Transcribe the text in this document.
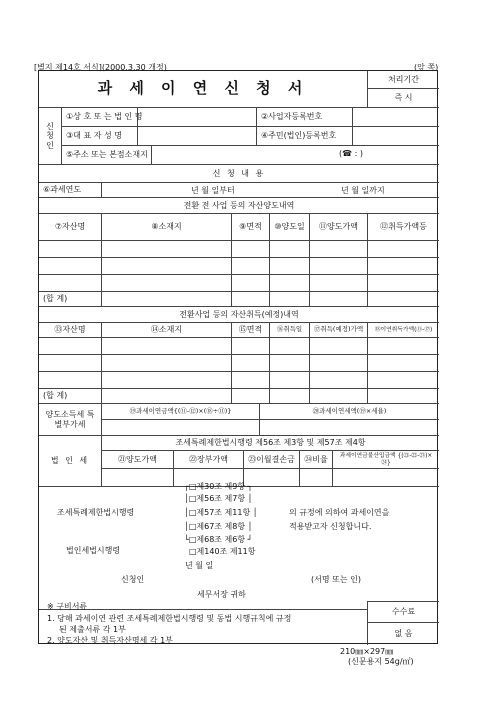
[별지 제14호 서식](2000.3.30 개정)	(앞 쪽)
과 세 이 연 신 청 서	처리기간
즉 시
신청인
①상 호 또 는 법 인 명	②사업자등록번호
③대 표 자 성 명	④주민(법인)등록번호
⑤주소 또는 본점소재지	(☎ : )
신 청 내 용
⑥과세연도	년 월 일부터	년 월 일까지
전환 전 사업 등의 자산양도내역
⑦자산명	⑧소재지	⑨면적	⑩양도일	⑪양도가액	⑫취득가액등
(합 계)
전환사업 등의 자산취득(예정)내역
⑬자산명	⑭소재지	⑮면적	⑯취득일	⑰취득(예정)가액	⑱이연취득가액(⑪-⑰)
(합 계)
양도소득세 특별부가세
⑲과세이연금액{(⑪-⑫)×(⑱÷⑪)}	⑳과세이연세액(⑲×세율)
법 인 세
조세특례제한법시행령 제56조 제3항 및 제57조 제4항
㉑양도가액	㉒장부가액	㉓이월결손금	㉔비율	과세이연금불산입금액 {(㉑-㉒-㉓)×㉔}
조세특례제한법시행령
법인세법시행령
┌□제30조 제9항 ┐
│□제56조 제7항 │
│□제57조 제11항 │
│□제67조 제8항 │
└□제68조 제6항 ┘
□제140조 제11항
의 규정에 의하여 과세이연을
적용받고자 신청합니다.
년 월 일
신청인	(서명 또는 인)
세무서장 귀하
※ 구비서류
1. 당해 과세이연 관련 조세특례제한법시행령 및 동법 시행규칙에 규정
된 제출서류 각 1부
2. 양도자산 및 취득자산명세 각 1부
수수료
없 음
210㎜×297㎜
(신문용지 54g/㎡)
